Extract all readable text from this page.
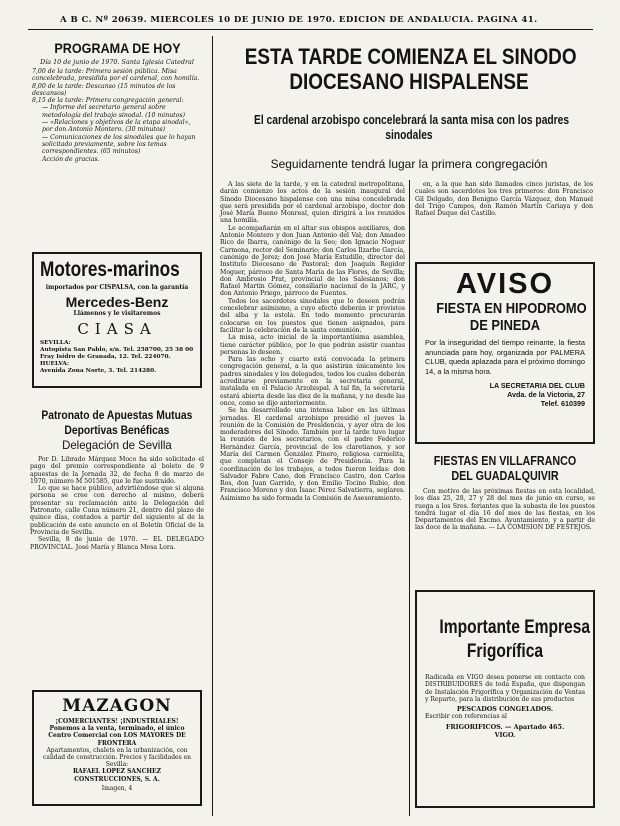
A B C. Nº 20639. MIERCOLES 10 DE JUNIO DE 1970. EDICION DE ANDALUCIA. PAGINA 41.
PROGRAMA DE HOY
Día 10 de junio de 1970. Santa Iglesia Catedral

7,00 de la tarde: Primera sesión pública. Misa concelebrada, presidida por el cardenal, con homilía.

8,00 de la tarde: Descanso (15 minutos de los descansos)

8,15 de la tarde: Primera congregación general:

— Informe del secretario general sobre metodología del trabajo sinodal. (10 minutos)

— «Relaciones y objetivos de la etapa sinodal», por don Antonio Montero. (30 minutos)

— Comunicaciones de los sinodales que lo hayan solicitado previamente, sobre los temas correspondientes. (65 minutos)

Acción de gracias.

Motores-marinos
importados por CISPALSA, con la garantía
Mercedes-Benz
Llámenos y le visitaremos
CIASA
SEVILLA:
Autopista San Pablo, s/n. Tel. 258700, 25 38 00
Fray Isidro de Granada, 12. Tel. 224070.
HUELVA:
Avenida Zona Norte, 3. Tel. 214280.
Patronato de Apuestas Mutuas Deportivas Benéficas
Delegación de Sevilla

Por D. Librado Márquez Moco ha sido solicitado el pago del premio correspondiente al boleto de 9 apuestas de la Jornada 32, de fecha 8 de marzo de 1970, número M 501585, que le fue sustraído.

Lo que se hace público, advirtiéndose que si alguna persona se cree con derecho al mismo, deberá presentar su reclamación ante la Delegación del Patronato, calle Cuna número 21, dentro del plazo de quince días, contados a partir del siguiente al de la publicación de este anuncio en el Boletín Oficial de la Provincia de Sevilla.

Sevilla, 8 de junio de 1970. — EL DELEGADO PROVINCIAL. José María y Blanca Mesa Lora.

MAZAGON
¡COMERCIANTES! ¡INDUSTRIALES!
Ponemos a la venta, terminado, el único Centro Comercial con LOS MAYORES DE FRONTERA
Apartamentos, chalets en la urbanización, con calidad de construcción. Precios y facilidades en Sevilla:
RAFAEL LOPEZ SANCHEZ
CONSTRUCCIONES, S. A.
Imagen, 4
ESTA TARDE COMIENZA EL SINODO
DIOCESANO HISPALENSE
El cardenal arzobispo concelebrará la santa misa con los padres
sinodales
Seguidamente tendrá lugar la primera congregación

A las siete de la tarde, y en la catedral metropolitana, darán comienzo los actos de la sesión inaugural del Sínodo Diocesano hispalense con una misa concelebrada que será presidida por el cardenal arzobispo, doctor don José María Bueno Monreal, quien dirigirá a los reunidos una homilía.

Le acompañarán en el altar sus obispos auxiliares, don Antonio Montero y don Juan Antonio del Val; don Amadeo Rico de Ibarra, canónigo de la Seo; don Ignacio Noguer Carmona, rector del Seminario; don Carlos Ilzarbe García, canónigo de Jerez; don José María Estudillo, director del Instituto Diocesano de Pastoral; don Joaquín Regidor Moguer, párroco de Santa María de las Flores, de Sevilla; don Ambrosio Prat, provincial de los Salesianos; don Rafael Martín Gómez, consiliario nacional de la JARC, y don Antonio Priego, párroco de Fuentes.

Todos los sacerdotes sinodales que lo deseen podrán concelebrar asimismo, a cuyo efecto deberán ir provistos del alba y la estola. En todo momento procurarán colocarse en los puestos que tienen asignados, para facilitar la celebración de la santa comunión.

La misa, acto inicial de la importantísima asamblea, tiene carácter público, por lo que podrán asistir cuantas personas lo deseen.

Para las ocho y cuarto está convocada la primera congregación general, a la que asistirán únicamente los padres sinodales y los delegados, todos los cuales deberán acreditarse previamente en la secretaría general, instalada en el Palacio Arzobispal. A tal fin, la secretaría estará abierta desde las diez de la mañana, y no desde las once, como se dijo anteriormente.

Se ha desarrollado una intensa labor en las últimas jornadas. El cardenal arzobispo presidió el jueves la reunión de la Comisión de Presidencia, y ayer otra de los moderadores del Sínodo. También por la tarde tuvo lugar la reunión de los secretarios, con el padre Federico Hernández García, provincial de los claretianos, y sor María del Carmen González Pinero, religiosa carmelita, que completan el Consejo de Presidencia. Para la coordinación de los trabajos, a todos fueron leídas: don Salvador Fabre Cano, don Francisco Castro, don Carlos Ros, don Juan Garrido, y don Emilio Tocino Rubio, don Francisco Moreno y don Isaac Pérez Salvatierra, seglares. Asimismo ha sido formada la Comisión de Asesoramiento.

en, a la que han sido llamados cinco juristas, de los cuales son sacerdotes los tres primeros: don Francisco Gil Delgado, don Benigno García Vázquez, don Manuel del Trigo Campos, don Ramón Martín Cariaya y don Rafael Duque del Castillo.

AVISO
FIESTA EN HIPODROMO
DE PINEDA
Por la inseguridad del tiempo reinante, la fiesta anunciada para hoy, organizada por PALMERA CLUB, queda aplazada para el próximo domingo 14, a la misma hora.
LA SECRETARIA DEL CLUB
Avda. de la Victoria, 27
Telef. 610399
FIESTAS EN VILLAFRANCO DEL GUADALQUIVIR

Con motivo de las próximas fiestas en esta localidad, los días 25, 28, 27 y 28 del mes de junio en curso, se ruega a los Sres. feriantes que la subasta de los puestos tendrá lugar el día 16 del mes de las fiestas, en los Departamentos del Excmo. Ayuntamiento, y a partir de las doce de la mañana. — LA COMISION DE FESTEJOS.

Importante Empresa
Frigorífica
Radicada en VIGO desea ponerse en contacto con DISTRIBUIDORES de toda España, que dispongan de Instalación Frigorífica y Organización de Ventas y Reparto, para la distribución de sus productos
PESCADOS CONGELADOS.
Escribir con referencias al
FRIGORIFICOS. — Apartado 465.
VIGO.
